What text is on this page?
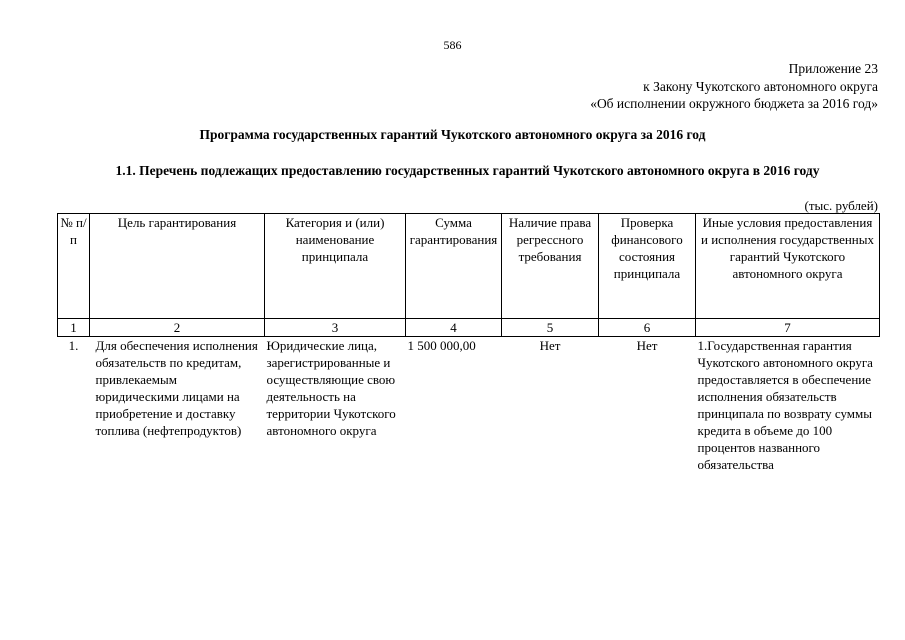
586
Приложение 23
к Закону Чукотского автономного округа
«Об исполнении окружного бюджета за 2016 год»
Программа государственных гарантий Чукотского автономного округа за 2016 год
1.1. Перечень подлежащих предоставлению государственных гарантий Чукотского автономного округа в 2016 году
(тыс. рублей)
№ п/п	Цель гарантирования	Категория и (или) наименование принципала	Сумма гарантирования	Наличие права регрессного требования	Проверка финансового состояния принципала	Иные условия предоставления и исполнения государственных гарантий Чукотского автономного округа
1	2	3	4	5	6	7
1.	Для обеспечения исполнения обязательств по кредитам, привлекаемым юридическими лицами на приобретение и доставку топлива (нефтепродуктов)	Юридические лица, зарегистрированные и осуществляющие свою деятельность на территории Чукотского автономного округа	1 500 000,00	Нет	Нет	1.Государственная гарантия Чукотского автономного округа предоставляется в обеспечение исполнения обязательств принципала по возврату суммы кредита в объеме до 100 процентов названного обязательства
